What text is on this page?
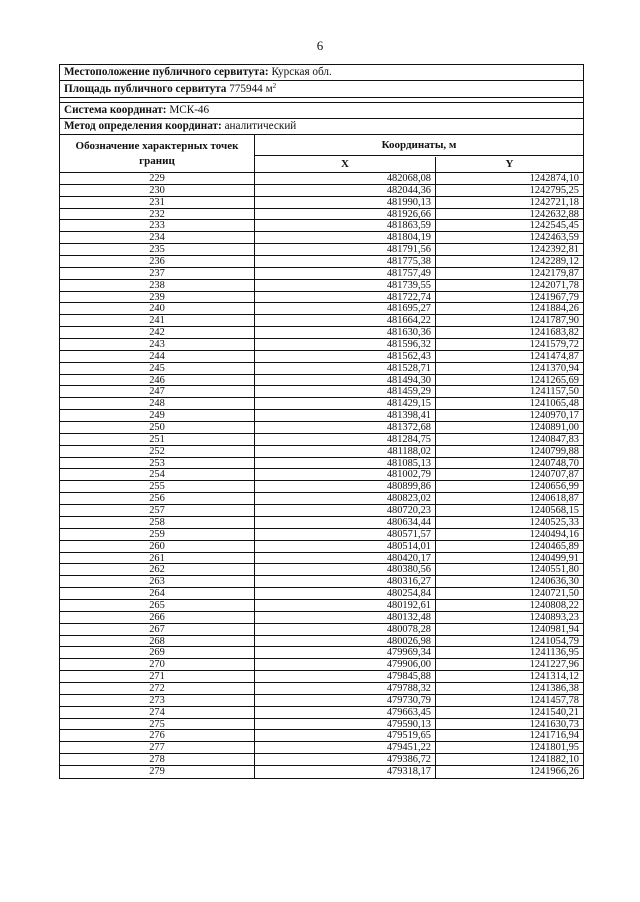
6
Местоположение публичного сервитута: Курская обл.
Площадь публичного сервитута 775944 $м^2$
Система координат: МСК-46
Метод определения координат: аналитический
Обозначение характерных точек границ
Координаты, м
X	Y
229	482068,08	1242874,10
230	482044,36	1242795,25
231	481990,13	1242721,18
232	481926,66	1242632,88
233	481863,59	1242545,45
234	481804,19	1242463,59
235	481791,56	1242392,81
236	481775,38	1242289,12
237	481757,49	1242179,87
238	481739,55	1242071,78
239	481722,74	1241967,79
240	481695,27	1241884,26
241	481664,22	1241787,90
242	481630,36	1241683,82
243	481596,32	1241579,72
244	481562,43	1241474,87
245	481528,71	1241370,94
246	481494,30	1241265,69
247	481459,29	1241157,50
248	481429,15	1241065,48
249	481398,41	1240970,17
250	481372,68	1240891,00
251	481284,75	1240847,83
252	481188,02	1240799,88
253	481085,13	1240748,70
254	481002,79	1240707,87
255	480899,86	1240656,99
256	480823,02	1240618,87
257	480720,23	1240568,15
258	480634,44	1240525,33
259	480571,57	1240494,16
260	480514,01	1240465,89
261	480420,17	1240499,91
262	480380,56	1240551,80
263	480316,27	1240636,30
264	480254,84	1240721,50
265	480192,61	1240808,22
266	480132,48	1240893,23
267	480078,28	1240981,94
268	480026,98	1241054,79
269	479969,34	1241136,95
270	479906,00	1241227,96
271	479845,88	1241314,12
272	479788,32	1241386,38
273	479730,79	1241457,78
274	479663,45	1241540,21
275	479590,13	1241630,73
276	479519,65	1241716,94
277	479451,22	1241801,95
278	479386,72	1241882,10
279	479318,17	1241966,26
